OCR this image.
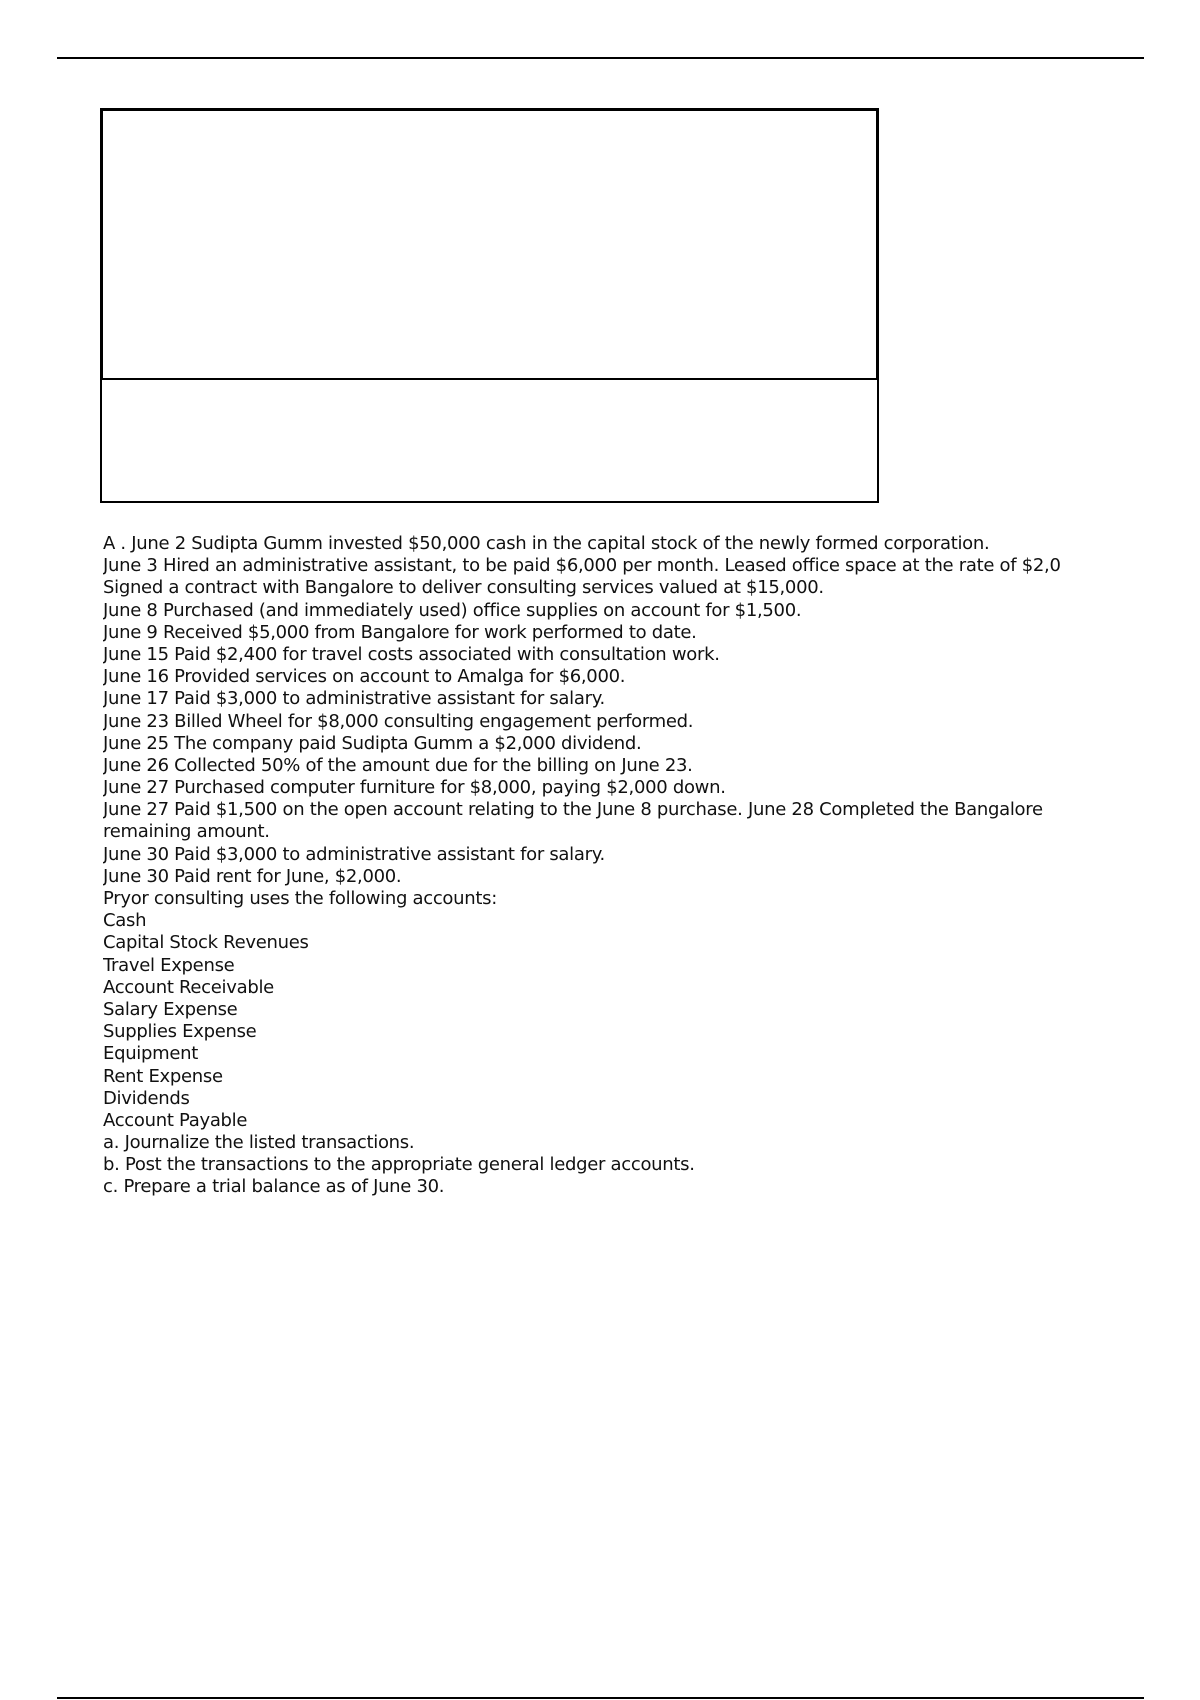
A . June 2 Sudipta Gumm invested $50,000 cash in the capital stock of the newly formed corporation.
June 3 Hired an administrative assistant, to be paid $6,000 per month. Leased office space at the rate of $2,0
Signed a contract with Bangalore to deliver consulting services valued at $15,000.
June 8 Purchased (and immediately used) office supplies on account for $1,500.
June 9 Received $5,000 from Bangalore for work performed to date.
June 15 Paid $2,400 for travel costs associated with consultation work.
June 16 Provided services on account to Amalga for $6,000.
June 17 Paid $3,000 to administrative assistant for salary.
June 23 Billed Wheel for $8,000 consulting engagement performed.
June 25 The company paid Sudipta Gumm a $2,000 dividend.
June 26 Collected 50% of the amount due for the billing on June 23.
June 27 Purchased computer furniture for $8,000, paying $2,000 down.
June 27 Paid $1,500 on the open account relating to the June 8 purchase. June 28 Completed the Bangalore
remaining amount.
June 30 Paid $3,000 to administrative assistant for salary.
June 30 Paid rent for June, $2,000.
Pryor consulting uses the following accounts:
Cash
Capital Stock Revenues
Travel Expense
Account Receivable
Salary Expense
Supplies Expense
Equipment
Rent Expense
Dividends
Account Payable
a. Journalize the listed transactions.
b. Post the transactions to the appropriate general ledger accounts.
c. Prepare a trial balance as of June 30.
